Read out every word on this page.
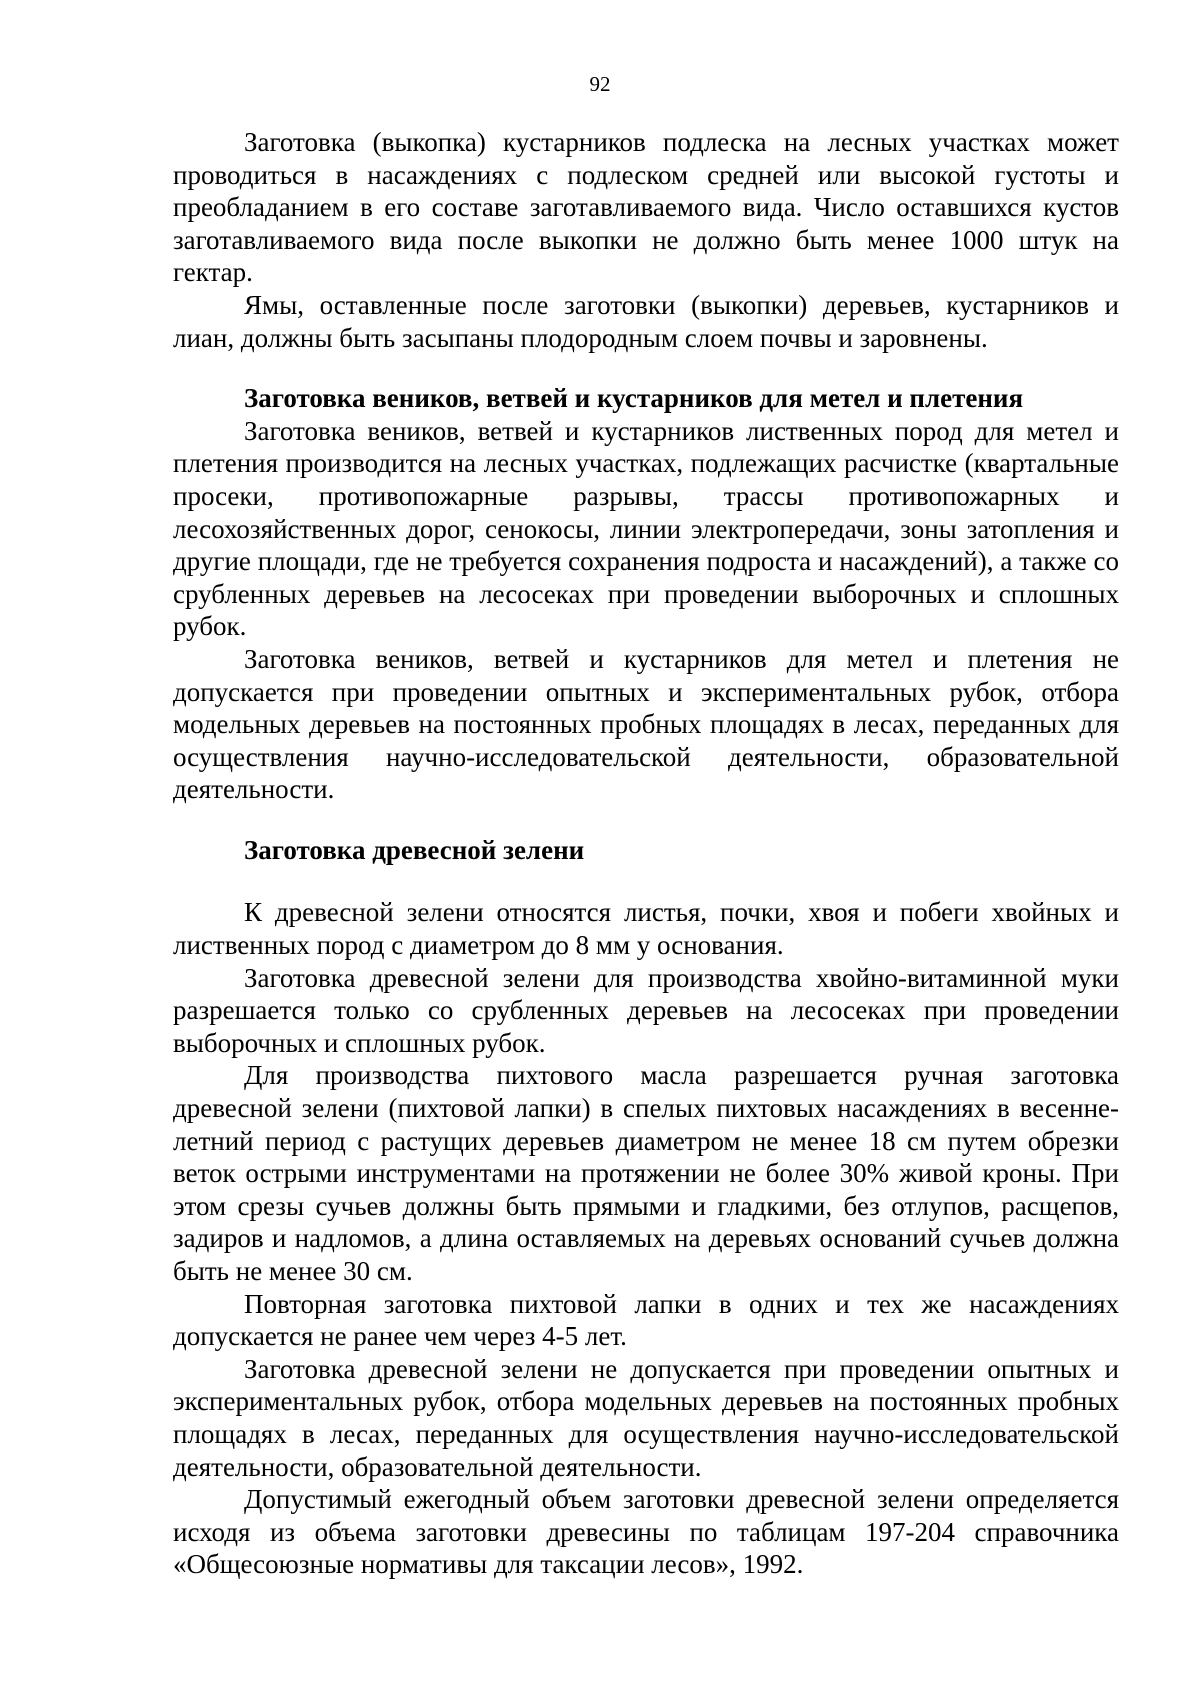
92

Заготовка (выкопка) кустарников подлеска на лесных участках может проводиться в насаждениях с подлеском средней или высокой густоты и преобладанием в его составе заготавливаемого вида. Число оставшихся кустов заготавливаемого вида после выкопки не должно быть менее 1000 штук на гектар.

Ямы, оставленные после заготовки (выкопки) деревьев, кустарников и лиан, должны быть засыпаны плодородным слоем почвы и заровнены.

Заготовка веников, ветвей и кустарников для метел и плетения

Заготовка веников, ветвей и кустарников лиственных пород для метел и плетения производится на лесных участках, подлежащих расчистке (квартальные просеки, противопожарные разрывы, трассы противопожарных и лесохозяйственных дорог, сенокосы, линии электропередачи, зоны затопления и другие площади, где не требуется сохранения подроста и насаждений), а также со срубленных деревьев на лесосеках при проведении выборочных и сплошных рубок.

Заготовка веников, ветвей и кустарников для метел и плетения не допускается при проведении опытных и экспериментальных рубок, отбора модельных деревьев на постоянных пробных площадях в лесах, переданных для осуществления научно-исследовательской деятельности, образовательной деятельности.

Заготовка древесной зелени

К древесной зелени относятся листья, почки, хвоя и побеги хвойных и лиственных пород с диаметром до 8 мм у основания.

Заготовка древесной зелени для производства хвойно-витаминной муки разрешается только со срубленных деревьев на лесосеках при проведении выборочных и сплошных рубок.

Для производства пихтового масла разрешается ручная заготовка древесной зелени (пихтовой лапки) в спелых пихтовых насаждениях в весенне-летний период с растущих деревьев диаметром не менее 18 см путем обрезки веток острыми инструментами на протяжении не более 30% живой кроны. При этом срезы сучьев должны быть прямыми и гладкими, без отлупов, расщепов, задиров и надломов, а длина оставляемых на деревьях оснований сучьев должна быть не менее 30 см.

Повторная заготовка пихтовой лапки в одних и тех же насаждениях допускается не ранее чем через 4-5 лет.

Заготовка древесной зелени не допускается при проведении опытных и экспериментальных рубок, отбора модельных деревьев на постоянных пробных площадях в лесах, переданных для осуществления научно-исследовательской деятельности, образовательной деятельности.

Допустимый ежегодный объем заготовки древесной зелени определяется исходя из объема заготовки древесины по таблицам 197-204 справочника «Общесоюзные нормативы для таксации лесов», 1992.
